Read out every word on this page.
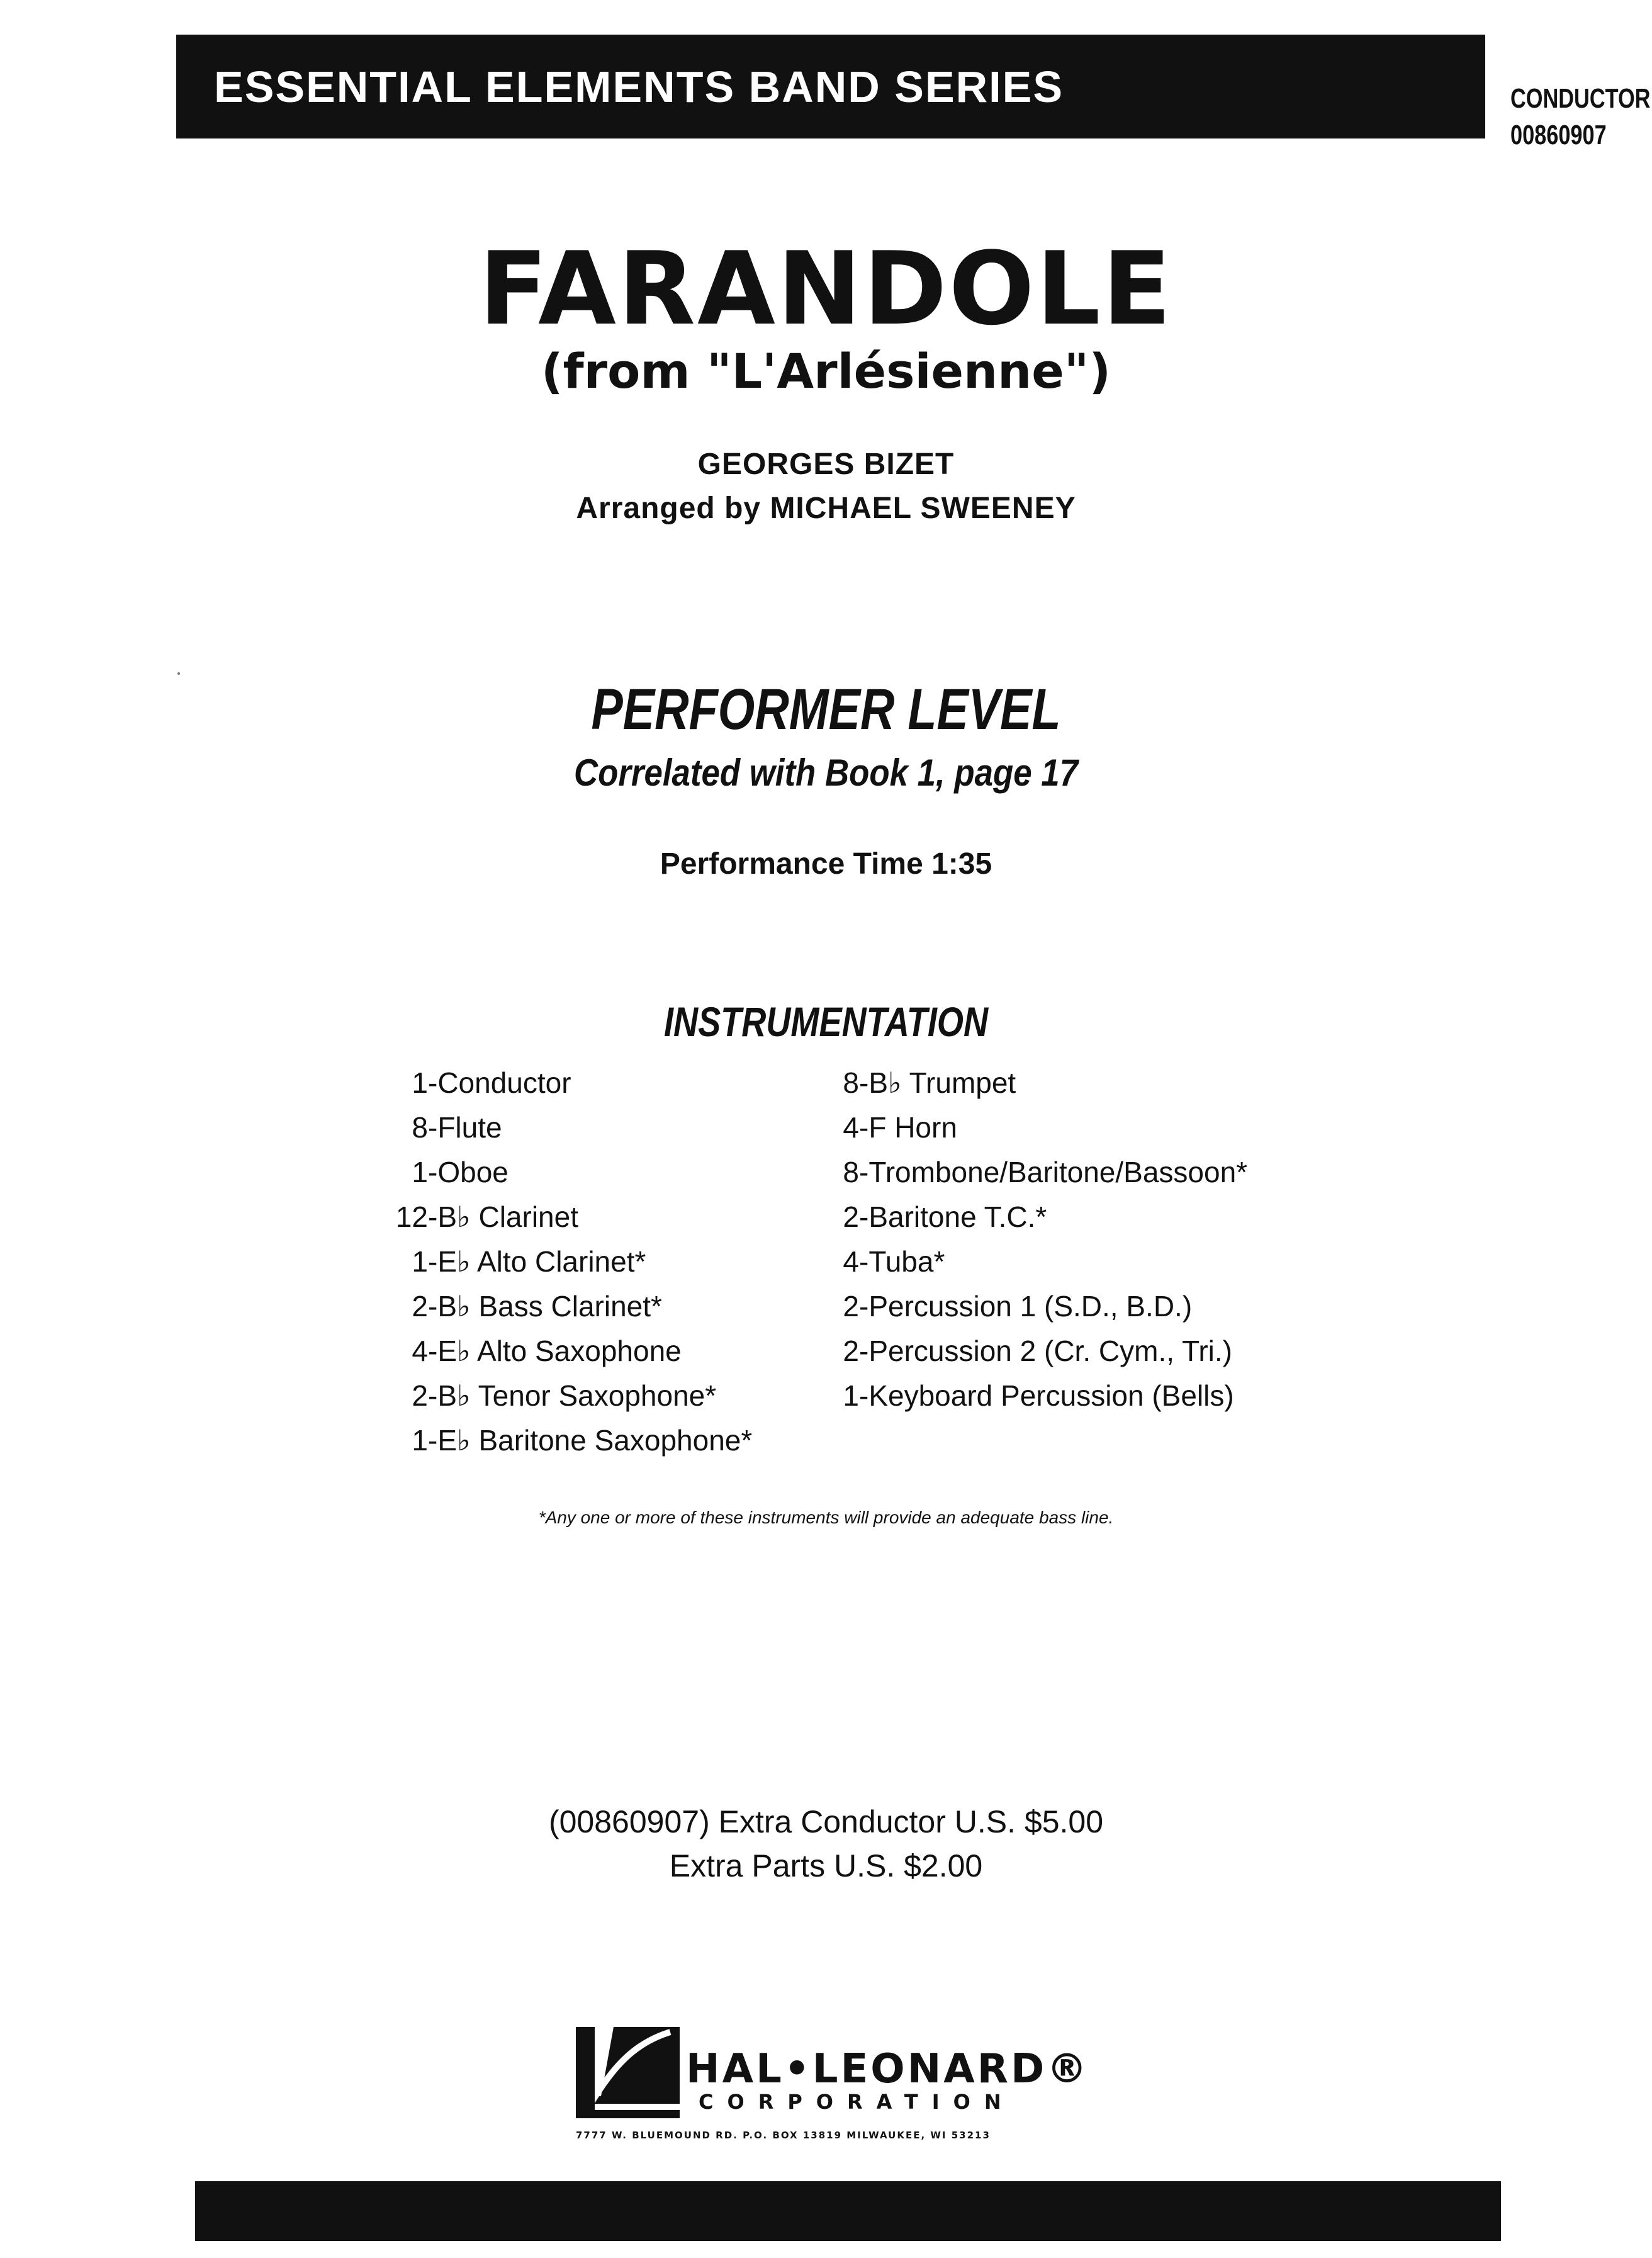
ESSENTIAL ELEMENTS BAND SERIES	CONDUCTOR
00860907
FARANDOLE
(from "L'Arlésienne")
GEORGES BIZET
Arranged by MICHAEL SWEENEY
PERFORMER LEVEL
Correlated with Book 1, page 17
Performance Time 1:35
INSTRUMENTATION
1-Conductor
8-Flute
1-Oboe
12-B♭ Clarinet
1-E♭ Alto Clarinet*
2-B♭ Bass Clarinet*
4-E♭ Alto Saxophone
2-B♭ Tenor Saxophone*
1-E♭ Baritone Saxophone*
8-B♭ Trumpet
4-F Horn
8-Trombone/Baritone/Bassoon*
2-Baritone T.C.*
4-Tuba*
2-Percussion 1 (S.D., B.D.)
2-Percussion 2 (Cr. Cym., Tri.)
1-Keyboard Percussion (Bells)
*Any one or more of these instruments will provide an adequate bass line.
(00860907) Extra Conductor U.S. $5.00
Extra Parts U.S. $2.00
HAL•LEONARD®
CORPORATION
7777 W. BLUEMOUND RD. P.O. BOX 13819 MILWAUKEE, WI 53213
